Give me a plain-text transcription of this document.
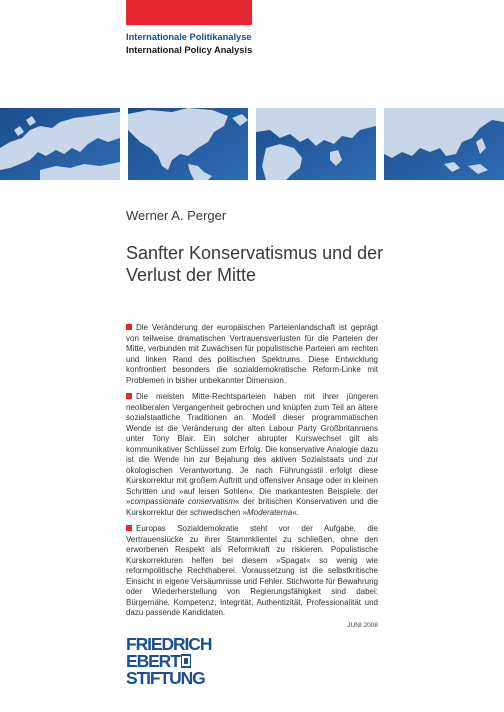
Internationale Politikanalyse
International Policy Analysis
Werner A. Perger
Sanfter Konservatismus und der
Verlust der Mitte

Die Veränderung der europäischen Parteienlandschaft ist geprägt von teilweise dramatischen Vertrauensverlusten für die Parteien der Mitte, verbunden mit Zuwächsen für populistische Parteien am rechten und linken Rand des politischen Spektrums. Diese Entwicklung konfrontiert besonders die sozialdemokratische Reform-Linke mit Problemen in bisher unbekannter Dimension.

Die meisten Mitte-Rechtsparteien haben mit ihrer jüngeren neoliberalen Vergangenheit gebrochen und knüpfen zum Teil an ältere sozialstaatliche Traditionen an. Modell dieser programmatischen Wende ist die Veränderung der alten Labour Party Großbritanniens unter Tony Blair. Ein solcher abrupter Kurswechsel gilt als kommunikativer Schlüssel zum Erfolg. Die konservative Analogie dazu ist die Wende hin zur Bejahung des aktiven Sozialstaats und zur ökologischen Verantwortung. Je nach Führungsstil erfolgt diese Kurskorrektur mit großem Auftritt und offensiver Ansage oder in kleinen Schritten und »auf leisen Sohlen«. Die markantesten Beispiele: der »compassionate conservatism« der britischen Konservativen und die Kurskorrektur der schwedischen »Moderaterna«.

Europas Sozialdemokratie steht vor der Aufgabe, die Vertrauenslücke zu ihrer Stammklientel zu schließen, ohne den erworbenen Respekt als Reformkraft zu riskieren. Populistische Kurskorrekturen helfen bei diesem »Spagat« so wenig wie reformpolitische Rechthaberei. Voraussetzung ist die selbstkritische Einsicht in eigene Versäumnisse und Fehler. Stichworte für Bewahrung oder Wiederherstellung von Regierungsfähigkeit sind dabei: Bürgernähe, Kompetenz, Integrität, Authentizität, Professionalität und dazu passende Kandidaten.

JUNI 2008
FRIEDRICH
EBERT
STIFTUNG
